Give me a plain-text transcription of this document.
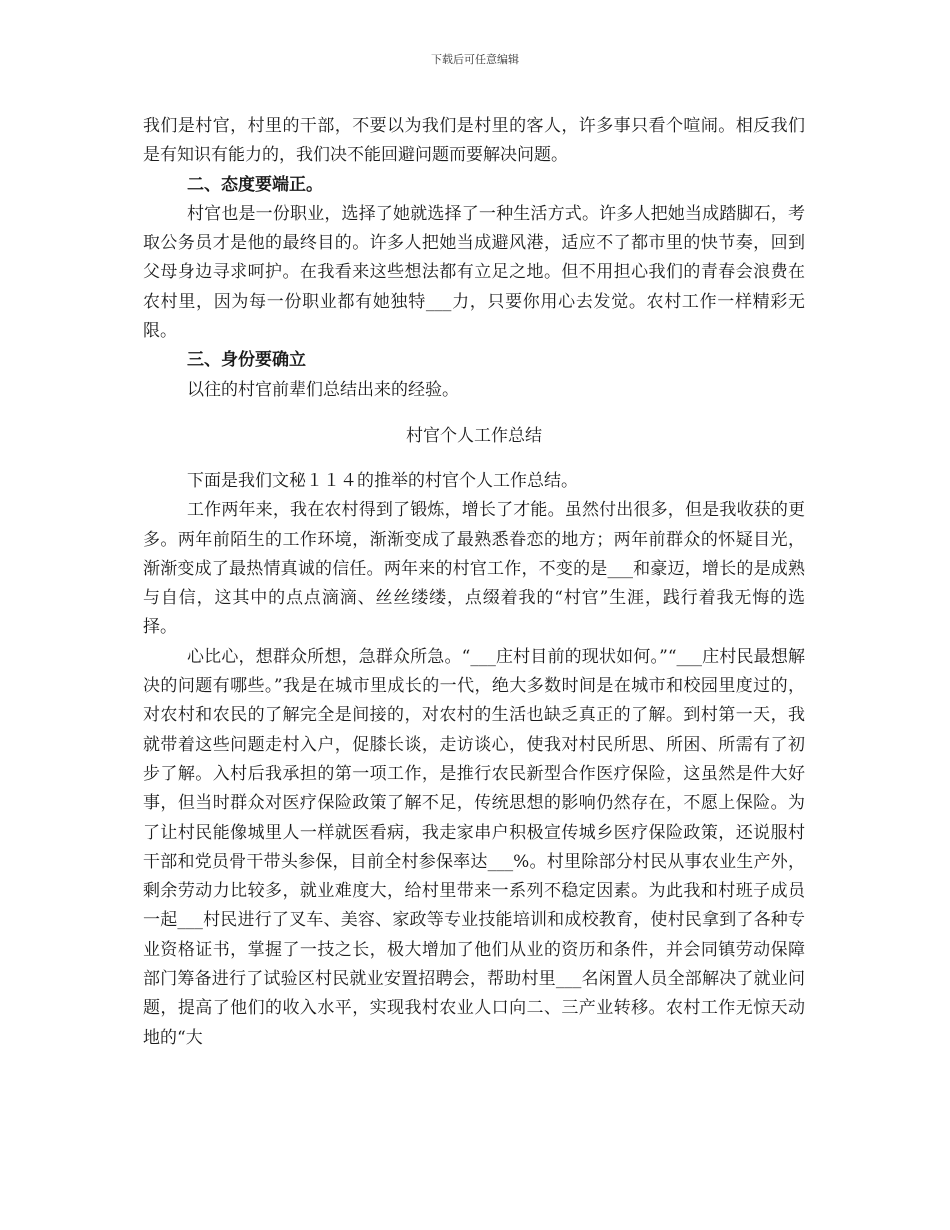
下载后可任意编辑

我们是村官，村里的干部，不要以为我们是村里的客人，许多事只看个喧闹。相反我们是有知识有能力的，我们决不能回避问题而要解决问题。

二、态度要端正。

村官也是一份职业，选择了她就选择了一种生活方式。许多人把她当成踏脚石，考取公务员才是他的最终目的。许多人把她当成避风港，适应不了都市里的快节奏，回到父母身边寻求呵护。在我看来这些想法都有立足之地。但不用担心我们的青春会浪费在农村里，因为每一份职业都有她独特___力，只要你用心去发觉。农村工作一样精彩无限。

三、身份要确立

以往的村官前辈们总结出来的经验。

村官个人工作总结

下面是我们文秘１１４的推举的村官个人工作总结。

工作两年来，我在农村得到了锻炼，增长了才能。虽然付出很多，但是我收获的更多。两年前陌生的工作环境，渐渐变成了最熟悉眷恋的地方；两年前群众的怀疑目光，渐渐变成了最热情真诚的信任。两年来的村官工作，不变的是___和豪迈，增长的是成熟与自信，这其中的点点滴滴、丝丝缕缕，点缀着我的“村官”生涯，践行着我无悔的选择。

心比心，想群众所想，急群众所急。“___庄村目前的现状如何。”“___庄村民最想解决的问题有哪些。”我是在城市里成长的一代，绝大多数时间是在城市和校园里度过的，对农村和农民的了解完全是间接的，对农村的生活也缺乏真正的了解。到村第一天，我就带着这些问题走村入户，促膝长谈，走访谈心，使我对村民所思、所困、所需有了初步了解。入村后我承担的第一项工作，是推行农民新型合作医疗保险，这虽然是件大好事，但当时群众对医疗保险政策了解不足，传统思想的影响仍然存在，不愿上保险。为了让村民能像城里人一样就医看病，我走家串户积极宣传城乡医疗保险政策，还说服村干部和党员骨干带头参保，目前全村参保率达___%。村里除部分村民从事农业生产外，剩余劳动力比较多，就业难度大，给村里带来一系列不稳定因素。为此我和村班子成员一起___村民进行了叉车、美容、家政等专业技能培训和成校教育，使村民拿到了各种专业资格证书，掌握了一技之长，极大增加了他们从业的资历和条件，并会同镇劳动保障部门筹备进行了试验区村民就业安置招聘会，帮助村里___名闲置人员全部解决了就业问题，提高了他们的收入水平，实现我村农业人口向二、三产业转移。农村工作无惊天动地的“大
